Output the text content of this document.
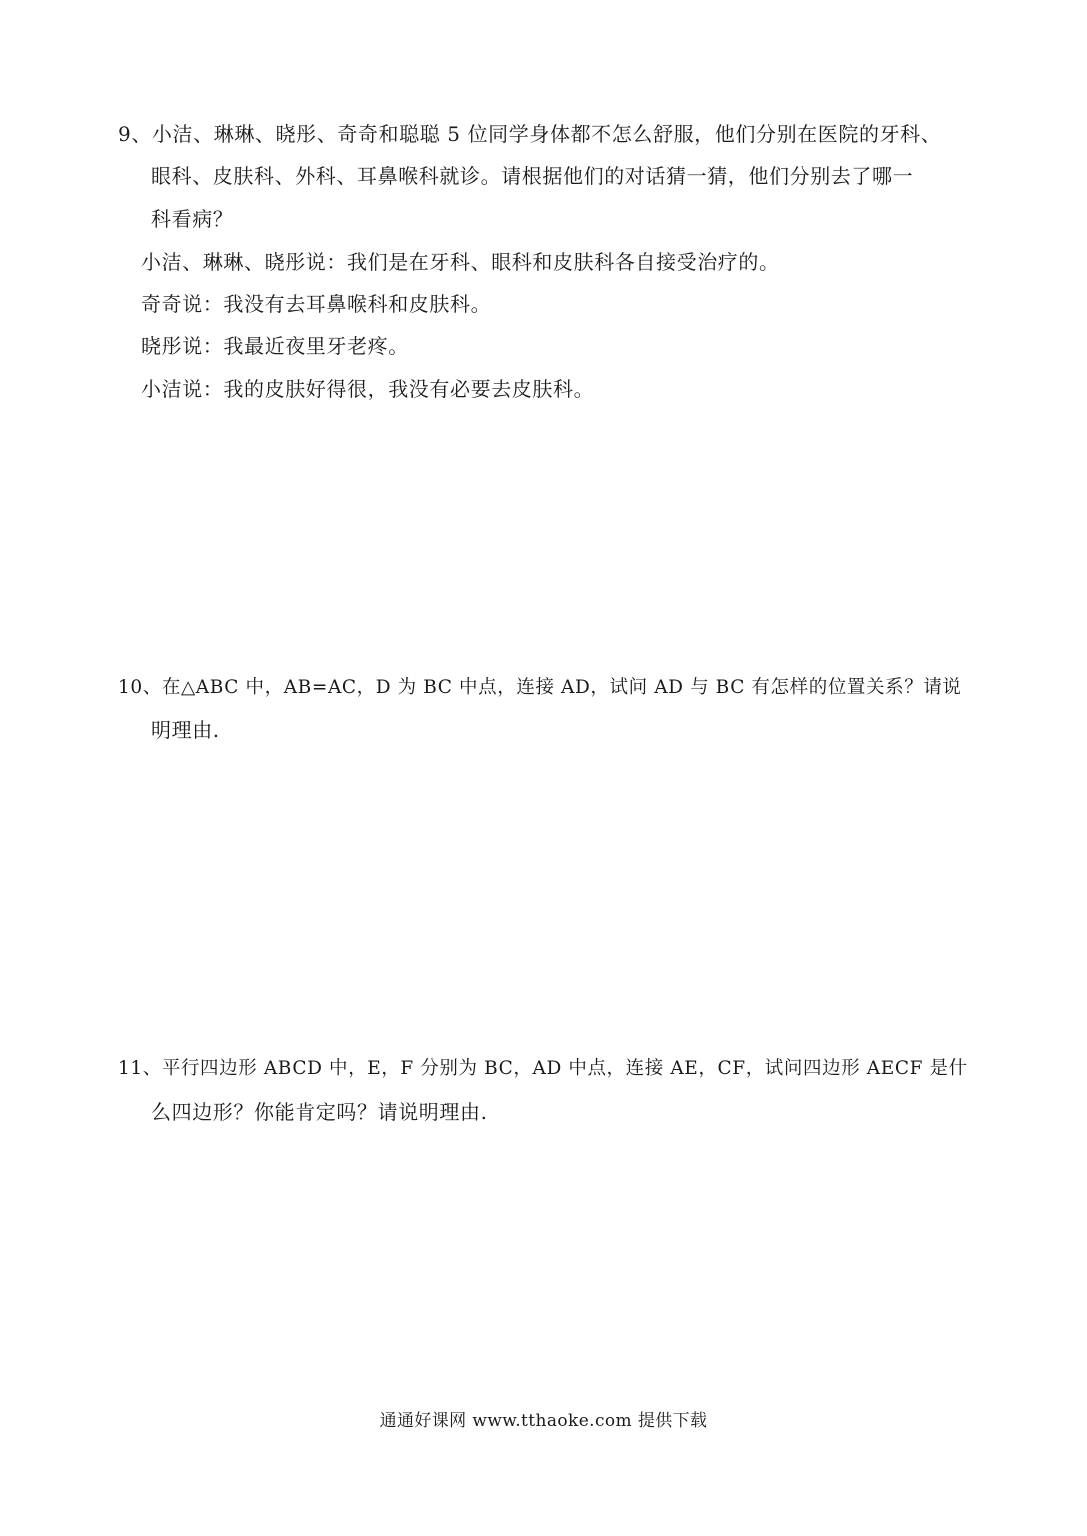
9、小洁、琳琳、晓彤、奇奇和聪聪 5 位同学身体都不怎么舒服，他们分别在医院的牙科、
眼科、皮肤科、外科、耳鼻喉科就诊。请根据他们的对话猜一猜，他们分别去了哪一
科看病？
小洁、琳琳、晓彤说：我们是在牙科、眼科和皮肤科各自接受治疗的。
奇奇说：我没有去耳鼻喉科和皮肤科。
晓彤说：我最近夜里牙老疼。
小洁说：我的皮肤好得很，我没有必要去皮肤科。
10、在△ABC 中，AB=AC，D 为 BC 中点，连接 AD，试问 AD 与 BC 有怎样的位置关系？请说
明理由.
11、平行四边形 ABCD 中，E，F 分别为 BC，AD 中点，连接 AE，CF，试问四边形 AECF 是什
么四边形？你能肯定吗？请说明理由.
通通好课网 www.tthaoke.com 提供下载
